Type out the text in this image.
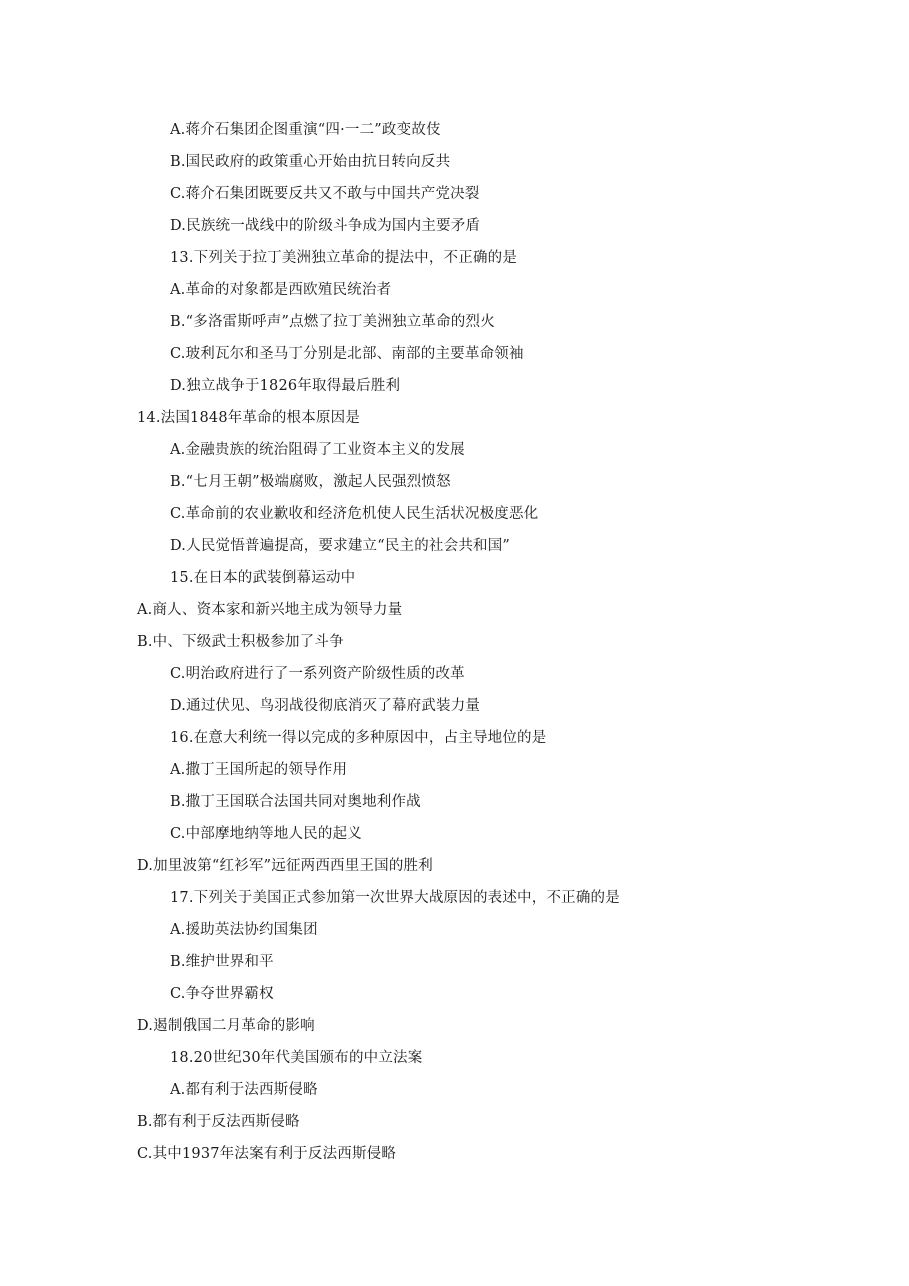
A.蒋介石集团企图重演“四·一二”政变故伎
B.国民政府的政策重心开始由抗日转向反共
C.蒋介石集团既要反共又不敢与中国共产党决裂
D.民族统一战线中的阶级斗争成为国内主要矛盾
13.下列关于拉丁美洲独立革命的提法中，不正确的是
A.革命的对象都是西欧殖民统治者
B.“多洛雷斯呼声”点燃了拉丁美洲独立革命的烈火
C.玻利瓦尔和圣马丁分别是北部、南部的主要革命领袖
D.独立战争于1826年取得最后胜利
14.法国1848年革命的根本原因是
A.金融贵族的统治阻碍了工业资本主义的发展
B.“七月王朝”极端腐败，激起人民强烈愤怒
C.革命前的农业歉收和经济危机使人民生活状况极度恶化
D.人民觉悟普遍提高，要求建立“民主的社会共和国”
15.在日本的武装倒幕运动中
A.商人、资本家和新兴地主成为领导力量
B.中、下级武士积极参加了斗争
C.明治政府进行了一系列资产阶级性质的改革
D.通过伏见、鸟羽战役彻底消灭了幕府武装力量
16.在意大利统一得以完成的多种原因中，占主导地位的是
A.撒丁王国所起的领导作用
B.撒丁王国联合法国共同对奥地利作战
C.中部摩地纳等地人民的起义
D.加里波第“红衫军”远征两西西里王国的胜利
17.下列关于美国正式参加第一次世界大战原因的表述中，不正确的是
A.援助英法协约国集团
B.维护世界和平
C.争夺世界霸权
D.遏制俄国二月革命的影响
18.20世纪30年代美国颁布的中立法案
A.都有利于法西斯侵略
B.都有利于反法西斯侵略
C.其中1937年法案有利于反法西斯侵略
